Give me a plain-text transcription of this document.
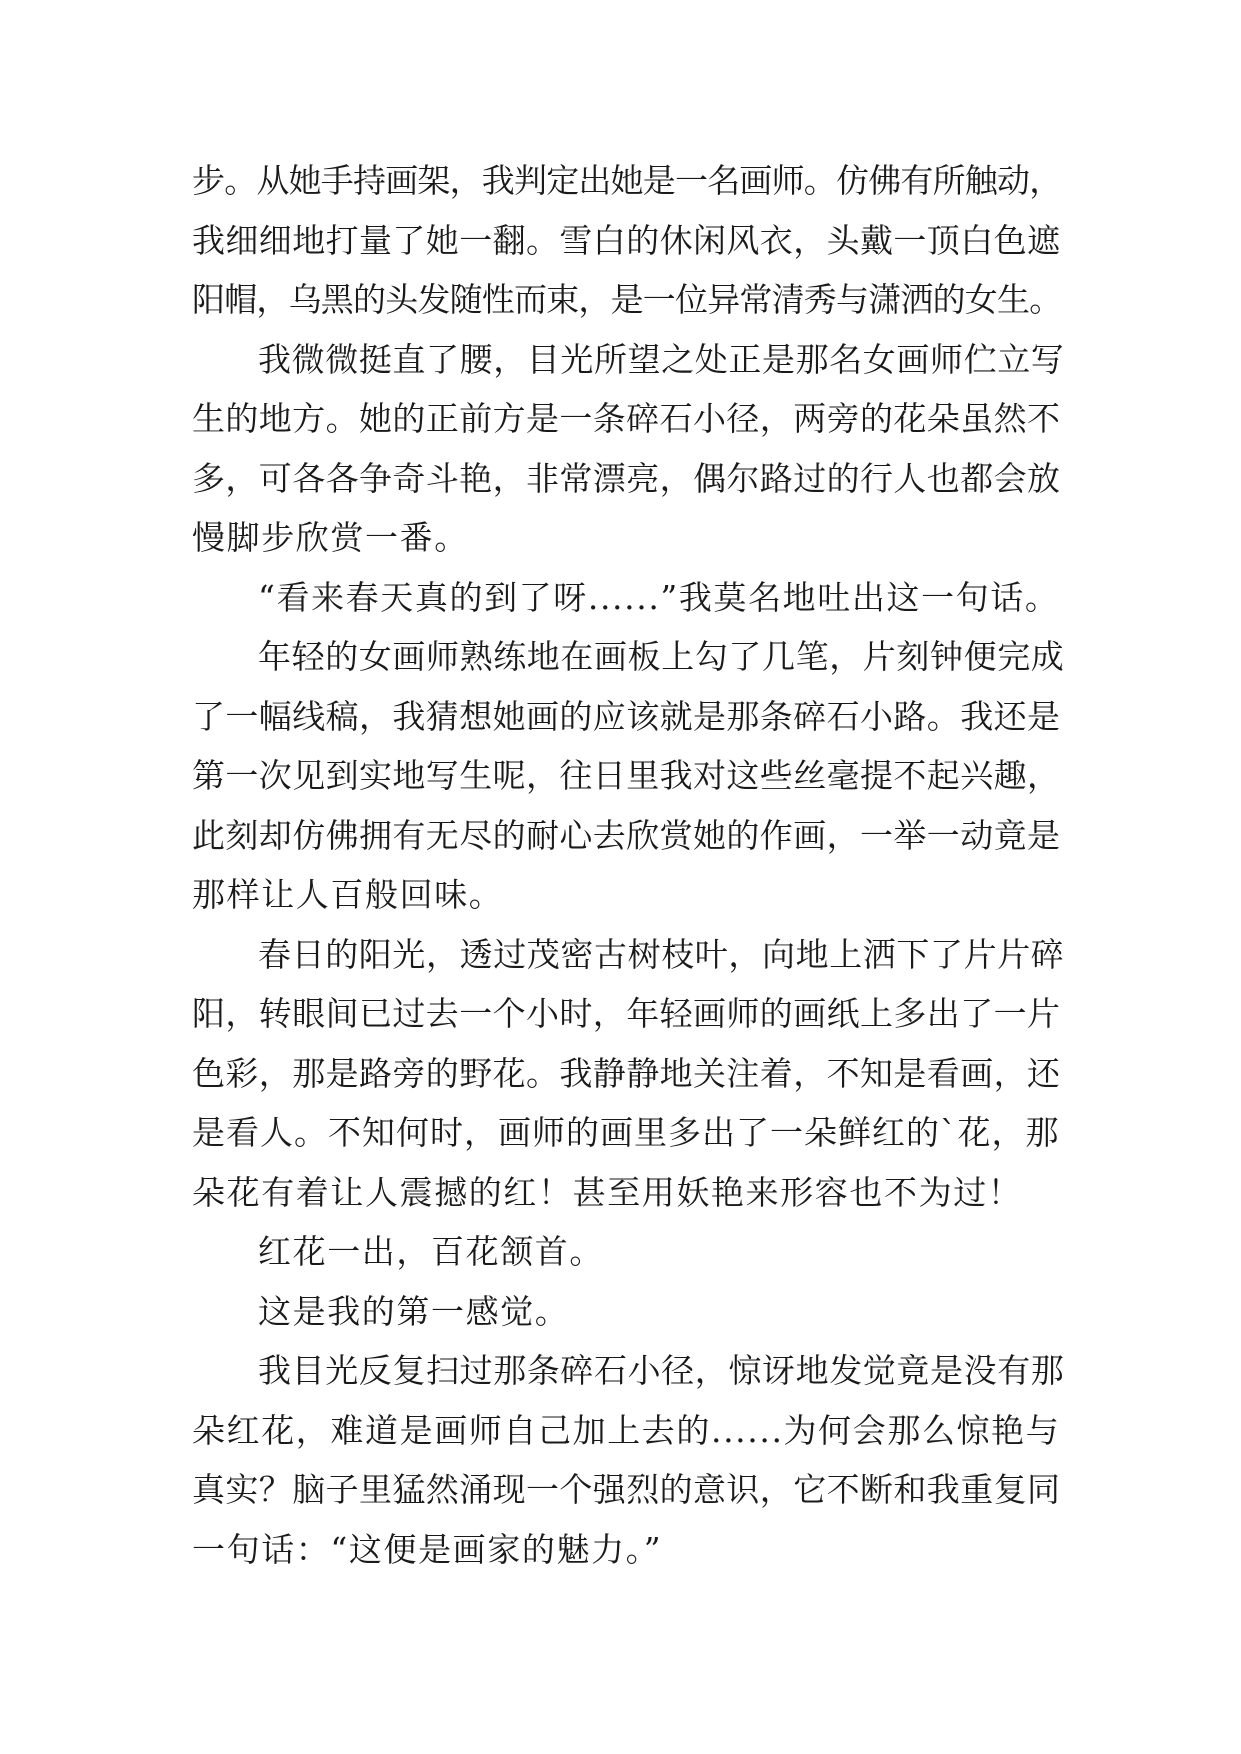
步。从她手持画架，我判定出她是一名画师。仿佛有所触动，
我细细地打量了她一翻。雪白的休闲风衣，头戴一顶白色遮
阳帽，乌黑的头发随性而束，是一位异常清秀与潇洒的女生。
我微微挺直了腰，目光所望之处正是那名女画师伫立写
生的地方。她的正前方是一条碎石小径，两旁的花朵虽然不
多，可各各争奇斗艳，非常漂亮，偶尔路过的行人也都会放
慢脚步欣赏一番。
“看来春天真的到了呀......”我莫名地吐出这一句话。
年轻的女画师熟练地在画板上勾了几笔，片刻钟便完成
了一幅线稿，我猜想她画的应该就是那条碎石小路。我还是
第一次见到实地写生呢，往日里我对这些丝毫提不起兴趣，
此刻却仿佛拥有无尽的耐心去欣赏她的作画，一举一动竟是
那样让人百般回味。
春日的阳光，透过茂密古树枝叶，向地上洒下了片片碎
阳，转眼间已过去一个小时，年轻画师的画纸上多出了一片
色彩，那是路旁的野花。我静静地关注着，不知是看画，还
是看人。不知何时，画师的画里多出了一朵鲜红的`花，那
朵花有着让人震撼的红！甚至用妖艳来形容也不为过！
红花一出，百花颔首。
这是我的第一感觉。
我目光反复扫过那条碎石小径，惊讶地发觉竟是没有那
朵红花，难道是画师自己加上去的......为何会那么惊艳与
真实？脑子里猛然涌现一个强烈的意识，它不断和我重复同
一句话：“这便是画家的魅力。”
